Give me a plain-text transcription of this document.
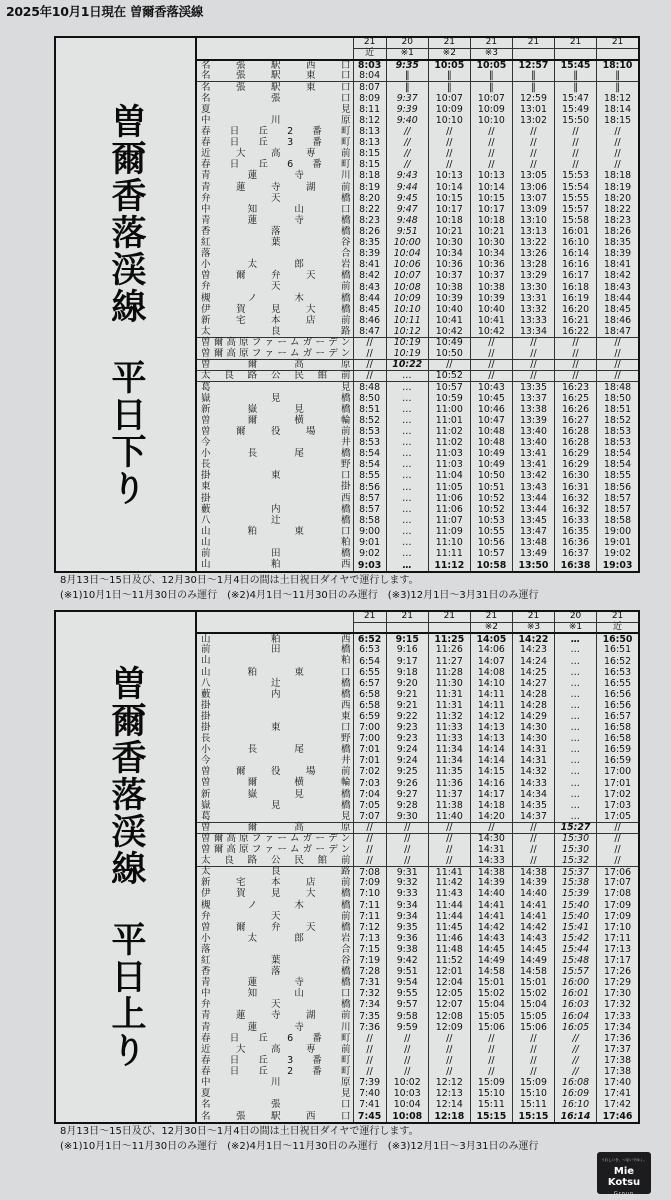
2025年10月1日現在 曽爾香落渓線
曽爾香落渓線平日下り
	21	20	21	21	21	21	21
	近	※1	※2	※3			

名 張 駅 西 口	8:03	9:35	10:05	10:05	12:57	15:45	18:10

名 張 駅 東 口	8:04	‖	‖	‖	‖	‖	‖

名 張 駅 東 口	8:07	‖	‖	‖	‖	‖	‖

名 張 口	8:09	9:37	10:07	10:07	12:59	15:47	18:12

夏 見	8:11	9:39	10:09	10:09	13:01	15:49	18:14

中 川 原	8:12	9:40	10:10	10:10	13:02	15:50	18:15

春 日 丘 2 番 町	8:13	//	//	//	//	//	//

春 日 丘 3 番 町	8:13	//	//	//	//	//	//

近 大 高 専 前	8:15	//	//	//	//	//	//

春 日 丘 6 番 町	8:15	//	//	//	//	//	//

青 蓮 寺 川	8:18	9:43	10:13	10:13	13:05	15:53	18:18

青 蓮 寺 湖 前	8:19	9:44	10:14	10:14	13:06	15:54	18:19

弁 天 橋	8:20	9:45	10:15	10:15	13:07	15:55	18:20

中 知 山 口	8:22	9:47	10:17	10:17	13:09	15:57	18:22

青 蓮 寺 橋	8:23	9:48	10:18	10:18	13:10	15:58	18:23

香 落 橋	8:26	9:51	10:21	10:21	13:13	16:01	18:26

紅 葉 谷	8:35	10:00	10:30	10:30	13:22	16:10	18:35

落 合	8:39	10:04	10:34	10:34	13:26	16:14	18:39

小 太 郎 岩	8:41	10:06	10:36	10:36	13:28	16:16	18:41

曽 爾 弁 天 橋	8:42	10:07	10:37	10:37	13:29	16:17	18:42

弁 天 前	8:43	10:08	10:38	10:38	13:30	16:18	18:43

槻 ノ 木 橋	8:44	10:09	10:39	10:39	13:31	16:19	18:44

伊 賀 見 大 橋	8:45	10:10	10:40	10:40	13:32	16:20	18:45

新 宅 本 店 前	8:46	10:11	10:41	10:41	13:33	16:21	18:46

太 良 路	8:47	10:12	10:42	10:42	13:34	16:22	18:47

曽 爾 高 原 フ ァ ー ム ガ ー デ ン	//	10:19	10:49	//	//	//	//

曽 爾 高 原 フ ァ ー ム ガ ー デ ン	//	10:19	10:50	//	//	//	//

曽 爾 高 原	//	10:22	//	//	//	//	//

太 良 路 公 民 館 前	//	…	10:52	//	//	//	//

葛 見	8:48	…	10:57	10:43	13:35	16:23	18:48

嶽 見 橋	8:50	…	10:59	10:45	13:37	16:25	18:50

新 嶽 見 橋	8:51	…	11:00	10:46	13:38	16:26	18:51

曽 爾 横 輪	8:52	…	11:01	10:47	13:39	16:27	18:52

曽 爾 役 場 前	8:53	…	11:02	10:48	13:40	16:28	18:53

今 井	8:53	…	11:02	10:48	13:40	16:28	18:53

小 長 尾 橋	8:54	…	11:03	10:49	13:41	16:29	18:54

長 野	8:54	…	11:03	10:49	13:41	16:29	18:54

掛 東 口	8:55	…	11:04	10:50	13:42	16:30	18:55

東 掛	8:56	…	11:05	10:51	13:43	16:31	18:56

掛 西	8:57	…	11:06	10:52	13:44	16:32	18:57

藪 内 橋	8:57	…	11:06	10:52	13:44	16:32	18:57

八 辻 橋	8:58	…	11:07	10:53	13:45	16:33	18:58

山 粕 東 口	9:00	…	11:09	10:55	13:47	16:35	19:00

山 粕	9:01	…	11:10	10:56	13:48	16:36	19:01

前 田 橋	9:02	…	11:11	10:57	13:49	16:37	19:02

山 粕 西	9:03	…	11:12	10:58	13:50	16:38	19:03
8月13日〜15日及び、12月30日〜1月4日の間は土日祝日ダイヤで運行します。
(※1)10月1日〜11月30日のみ運行　(※2)4月1日〜11月30日のみ運行　(※3)12月1日〜3月31日のみ運行
曽爾香落渓線平日上り
	21	21	21	21	21	20	21
				※2	※3	※1	近

山 粕 西	6:52	9:15	11:25	14:05	14:22	…	16:50

前 田 橋	6:53	9:16	11:26	14:06	14:23	…	16:51

山 粕	6:54	9:17	11:27	14:07	14:24	…	16:52

山 粕 東 口	6:55	9:18	11:28	14:08	14:25	…	16:53

八 辻 橋	6:57	9:20	11:30	14:10	14:27	…	16:55

藪 内 橋	6:58	9:21	11:31	14:11	14:28	…	16:56

掛 西	6:58	9:21	11:31	14:11	14:28	…	16:56

掛 東	6:59	9:22	11:32	14:12	14:29	…	16:57

掛 東 口	7:00	9:23	11:33	14:13	14:30	…	16:58

長 野	7:00	9:23	11:33	14:13	14:30	…	16:58

小 長 尾 橋	7:01	9:24	11:34	14:14	14:31	…	16:59

今 井	7:01	9:24	11:34	14:14	14:31	…	16:59

曽 爾 役 場 前	7:02	9:25	11:35	14:15	14:32	…	17:00

曽 爾 横 輪	7:03	9:26	11:36	14:16	14:33	…	17:01

新 嶽 見 橋	7:04	9:27	11:37	14:17	14:34	…	17:02

嶽 見 橋	7:05	9:28	11:38	14:18	14:35	…	17:03

葛 見	7:07	9:30	11:40	14:20	14:37	…	17:05

曽 爾 高 原	//	//	//	//	//	15:27	//

曽 爾 高 原 フ ァ ー ム ガ ー デ ン	//	//	//	14:30	//	15:30	//

曽 爾 高 原 フ ァ ー ム ガ ー デ ン	//	//	//	14:31	//	15:30	//

太 良 路 公 民 館 前	//	//	//	14:33	//	15:32	//

太 良 路	7:08	9:31	11:41	14:38	14:38	15:37	17:06

新 宅 本 店 前	7:09	9:32	11:42	14:39	14:39	15:38	17:07

伊 賀 見 大 橋	7:10	9:33	11:43	14:40	14:40	15:39	17:08

槻 ノ 木 橋	7:11	9:34	11:44	14:41	14:41	15:40	17:09

弁 天 前	7:11	9:34	11:44	14:41	14:41	15:40	17:09

曽 爾 弁 天 橋	7:12	9:35	11:45	14:42	14:42	15:41	17:10

小 太 郎 岩	7:13	9:36	11:46	14:43	14:43	15:42	17:11

落 合	7:15	9:38	11:48	14:45	14:45	15:44	17:13

紅 葉 谷	7:19	9:42	11:52	14:49	14:49	15:48	17:17

香 落 橋	7:28	9:51	12:01	14:58	14:58	15:57	17:26

青 蓮 寺 橋	7:31	9:54	12:04	15:01	15:01	16:00	17:29

中 知 山 口	7:32	9:55	12:05	15:02	15:02	16:01	17:30

弁 天 橋	7:34	9:57	12:07	15:04	15:04	16:03	17:32

青 蓮 寺 湖 前	7:35	9:58	12:08	15:05	15:05	16:04	17:33

青 蓮 寺 川	7:36	9:59	12:09	15:06	15:06	16:05	17:34

春 日 丘 6 番 町	//	//	//	//	//	//	17:36

近 大 高 専 前	//	//	//	//	//	//	17:37

春 日 丘 3 番 町	//	//	//	//	//	//	17:38

春 日 丘 2 番 町	//	//	//	//	//	//	17:38

中 川 原	7:39	10:02	12:12	15:09	15:09	16:08	17:40

夏 見	7:40	10:03	12:13	15:10	15:10	16:09	17:41

名 張 口	7:41	10:04	12:14	15:11	15:11	16:10	17:42

名 張 駅 西 口	7:45	10:08	12:18	15:15	15:15	16:14	17:46
8月13日〜15日及び、12月30日〜1月4日の間は土日祝日ダイヤで運行します。
(※1)10月1日〜11月30日のみ運行　(※2)4月1日〜11月30日のみ運行　(※3)12月1日〜3月31日のみ運行
うれしいを、つないでゆく。
Mie Kotsu
Group
